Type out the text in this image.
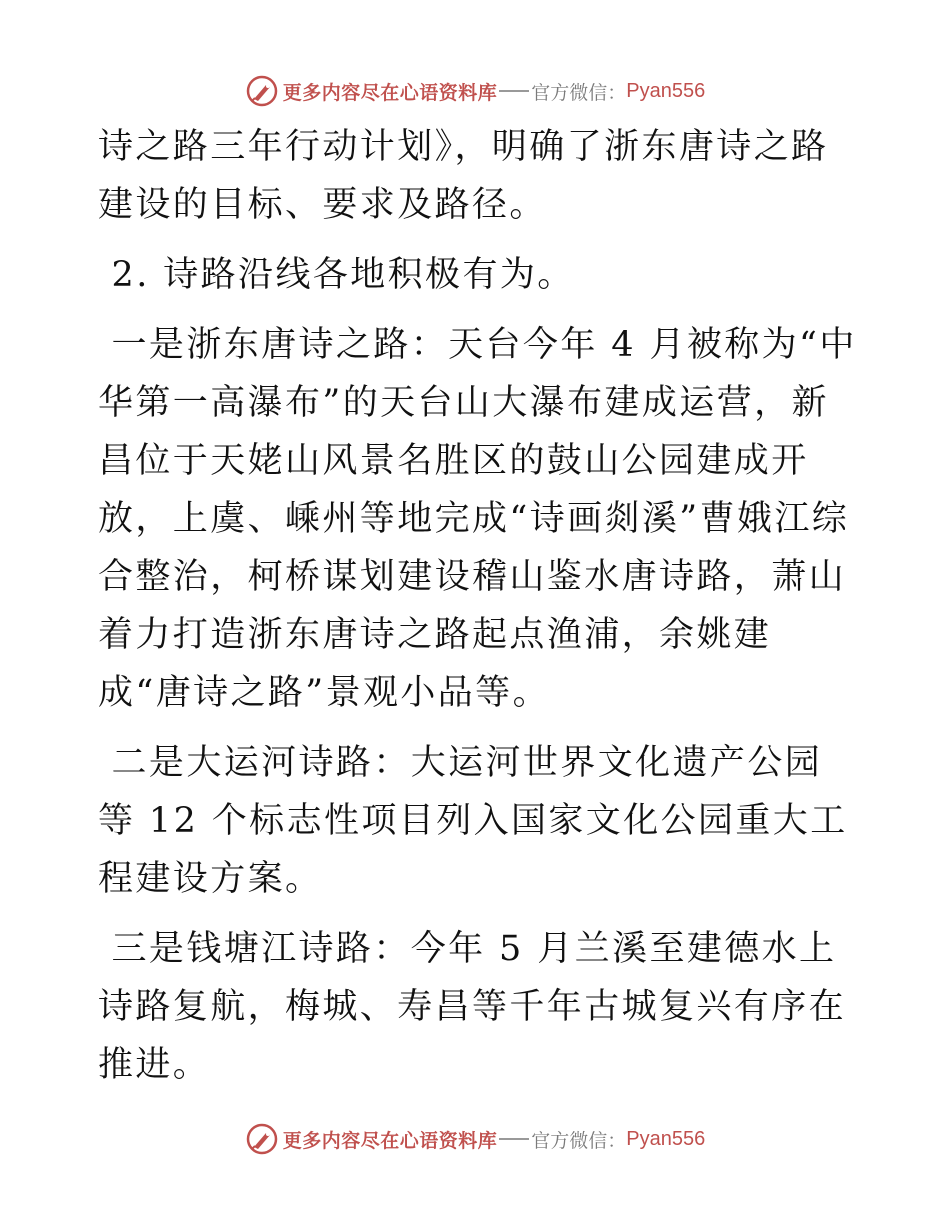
更多内容尽在心语资料库 官方微信： Pyan556

诗之路三年行动计划》，明确了浙东唐诗之路建设的目标、要求及路径。

2. 诗路沿线各地积极有为。

一是浙东唐诗之路：天台今年 4 月被称为“中华第一高瀑布”的天台山大瀑布建成运营，新昌位于天姥山风景名胜区的鼓山公园建成开放，上虞、嵊州等地完成“诗画剡溪”曹娥江综合整治，柯桥谋划建设稽山鉴水唐诗路，萧山着力打造浙东唐诗之路起点渔浦，余姚建成“唐诗之路”景观小品等。

二是大运河诗路：大运河世界文化遗产公园等 12 个标志性项目列入国家文化公园重大工程建设方案。

三是钱塘江诗路：今年 5 月兰溪至建德水上诗路复航，梅城、寿昌等千年古城复兴有序在推进。

更多内容尽在心语资料库 官方微信： Pyan556
